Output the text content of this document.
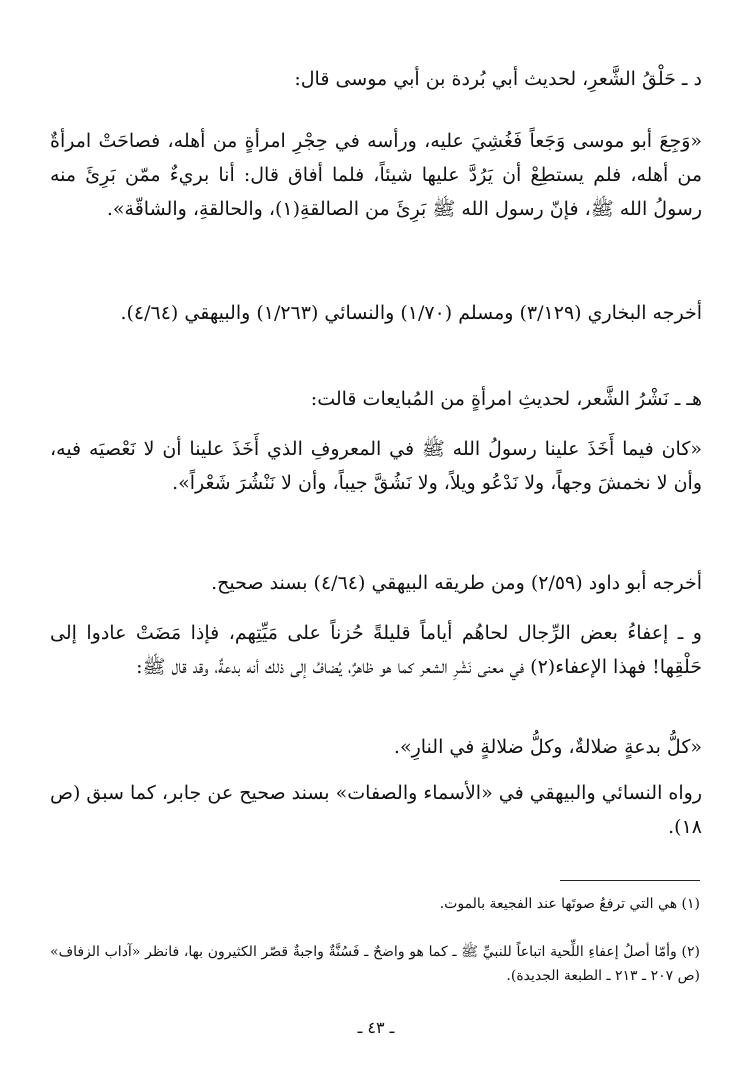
د ـ حَلْقُ الشَّعرِ، لحديث أبي بُردة بن أبي موسى قال:
«وَجِعَ أبو موسى وَجَعاً فَغُشِيَ عليه، ورأسه في حِجْرِ امرأةٍ من أهله، فصاحَتْ امرأةٌ من أهله، فلم يستطِعْ أن يَرُدَّ عليها شيئاً، فلما أفاق قال: أنا بريءٌ ممّن بَرِئَ منه رسولُ الله ﷺ، فإنّ رسول الله ﷺ بَرِئَ من الصالقةِ(١)، والحالقةِ، والشاقّة».
أخرجه البخاري (٣/١٢٩) ومسلم (١/٧٠) والنسائي (١/٢٦٣) والبيهقي (٤/٦٤).
هـ ـ نَشْرُ الشَّعر، لحديثِ امرأةٍ من المُبايعات قالت:
«كان فيما أَخَذَ علينا رسولُ الله ﷺ في المعروفِ الذي أَخَذَ علينا أن لا نَعْصيَه فيه، وأن لا نخمشَ وجهاً، ولا نَدْعُو ويلاً، ولا نَشُقَّ جيباً، وأن لا نَنْشُرَ شَعْراً».
أخرجه أبو داود (٢/٥٩) ومن طريقه البيهقي (٤/٦٤) بسند صحيح.
و ـ إعفاءُ بعض الرِّجال لحاهُم أياماً قليلةً حُزناً على مَيِّتِهم، فإذا مَضَتْ عادوا إلى حَلْقِها! فهذا الإعفاء(٢) في معنى نَشْرِ الشعر كما هو ظاهرٌ، يُضافُ إلى ذلك أنه بدعةٌ، وقد قال ﷺ:
«كلُّ بدعةٍ ضلالةٌ، وكلُّ ضلالةٍ في النارِ».
رواه النسائي والبيهقي في «الأسماء والصفات» بسند صحيح عن جابر، كما سبق (ص ١٨).
(١) هي التي ترفعُ صوتَها عند الفجيعة بالموت.
(٢) وأمّا أصلُ إعفاءِ اللِّحية اتباعاً للنبيِّ ﷺ ـ كما هو واضحٌ ـ فَسُنَّةٌ واجبةٌ قصّر الكثيرون بها، فانظر «آداب الزفاف» (ص ٢٠٧ ـ ٢١٣ ـ الطبعة الجديدة).
ـ ٤٣ ـ
